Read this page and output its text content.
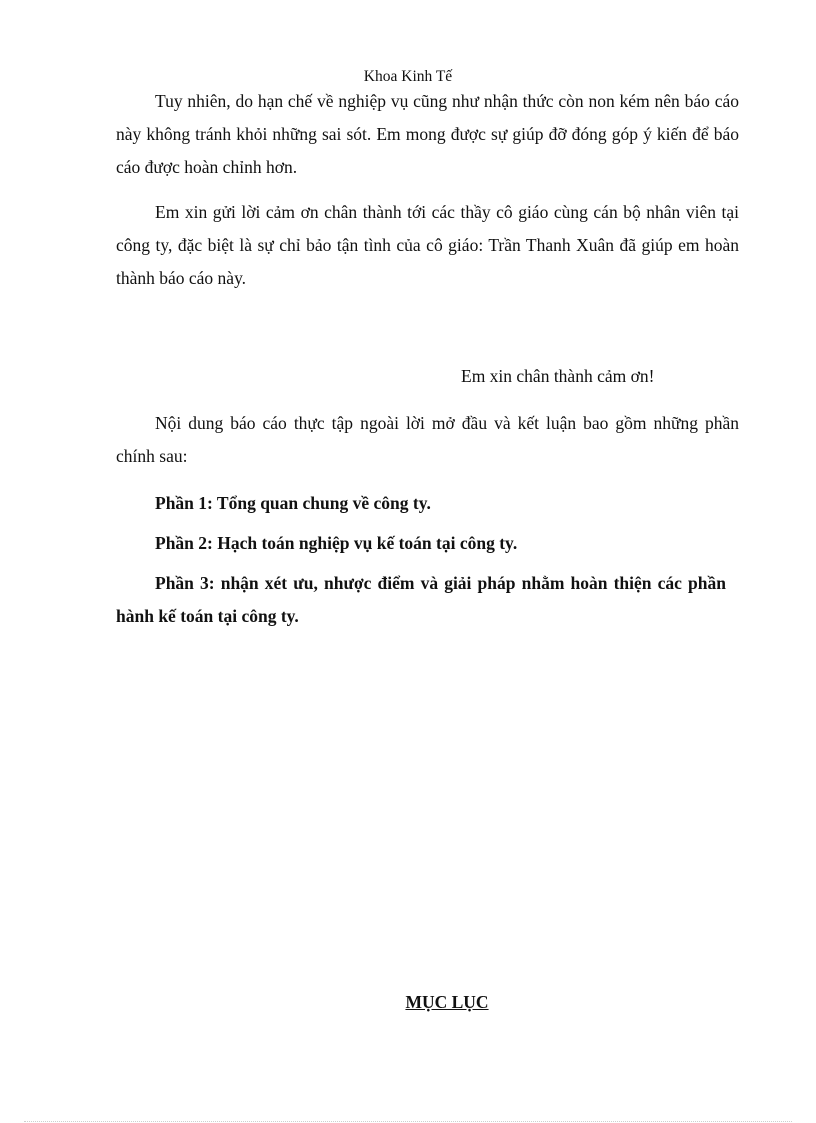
Khoa Kinh Tế

Tuy nhiên, do hạn chế về nghiệp vụ cũng như nhận thức còn non kém nên báo cáo này không tránh khỏi những sai sót. Em mong được sự giúp đỡ đóng góp ý kiến để báo cáo được hoàn chỉnh hơn.

Em xin gửi lời cảm ơn chân thành tới các thầy cô giáo cùng cán bộ nhân viên tại công ty, đặc biệt là sự chỉ bảo tận tình của cô giáo: Trần Thanh Xuân đã giúp em hoàn thành báo cáo này.

Em xin chân thành cảm ơn!

Nội dung báo cáo thực tập ngoài lời mở đầu và kết luận bao gồm những phần chính sau:

Phần 1: Tổng quan chung về công ty.

Phần 2: Hạch toán nghiệp vụ kế toán tại công ty.

Phần 3: nhận xét ưu, nhược điểm và giải pháp nhằm hoàn thiện các phần hành kế toán tại công ty.

MỤC LỤC
